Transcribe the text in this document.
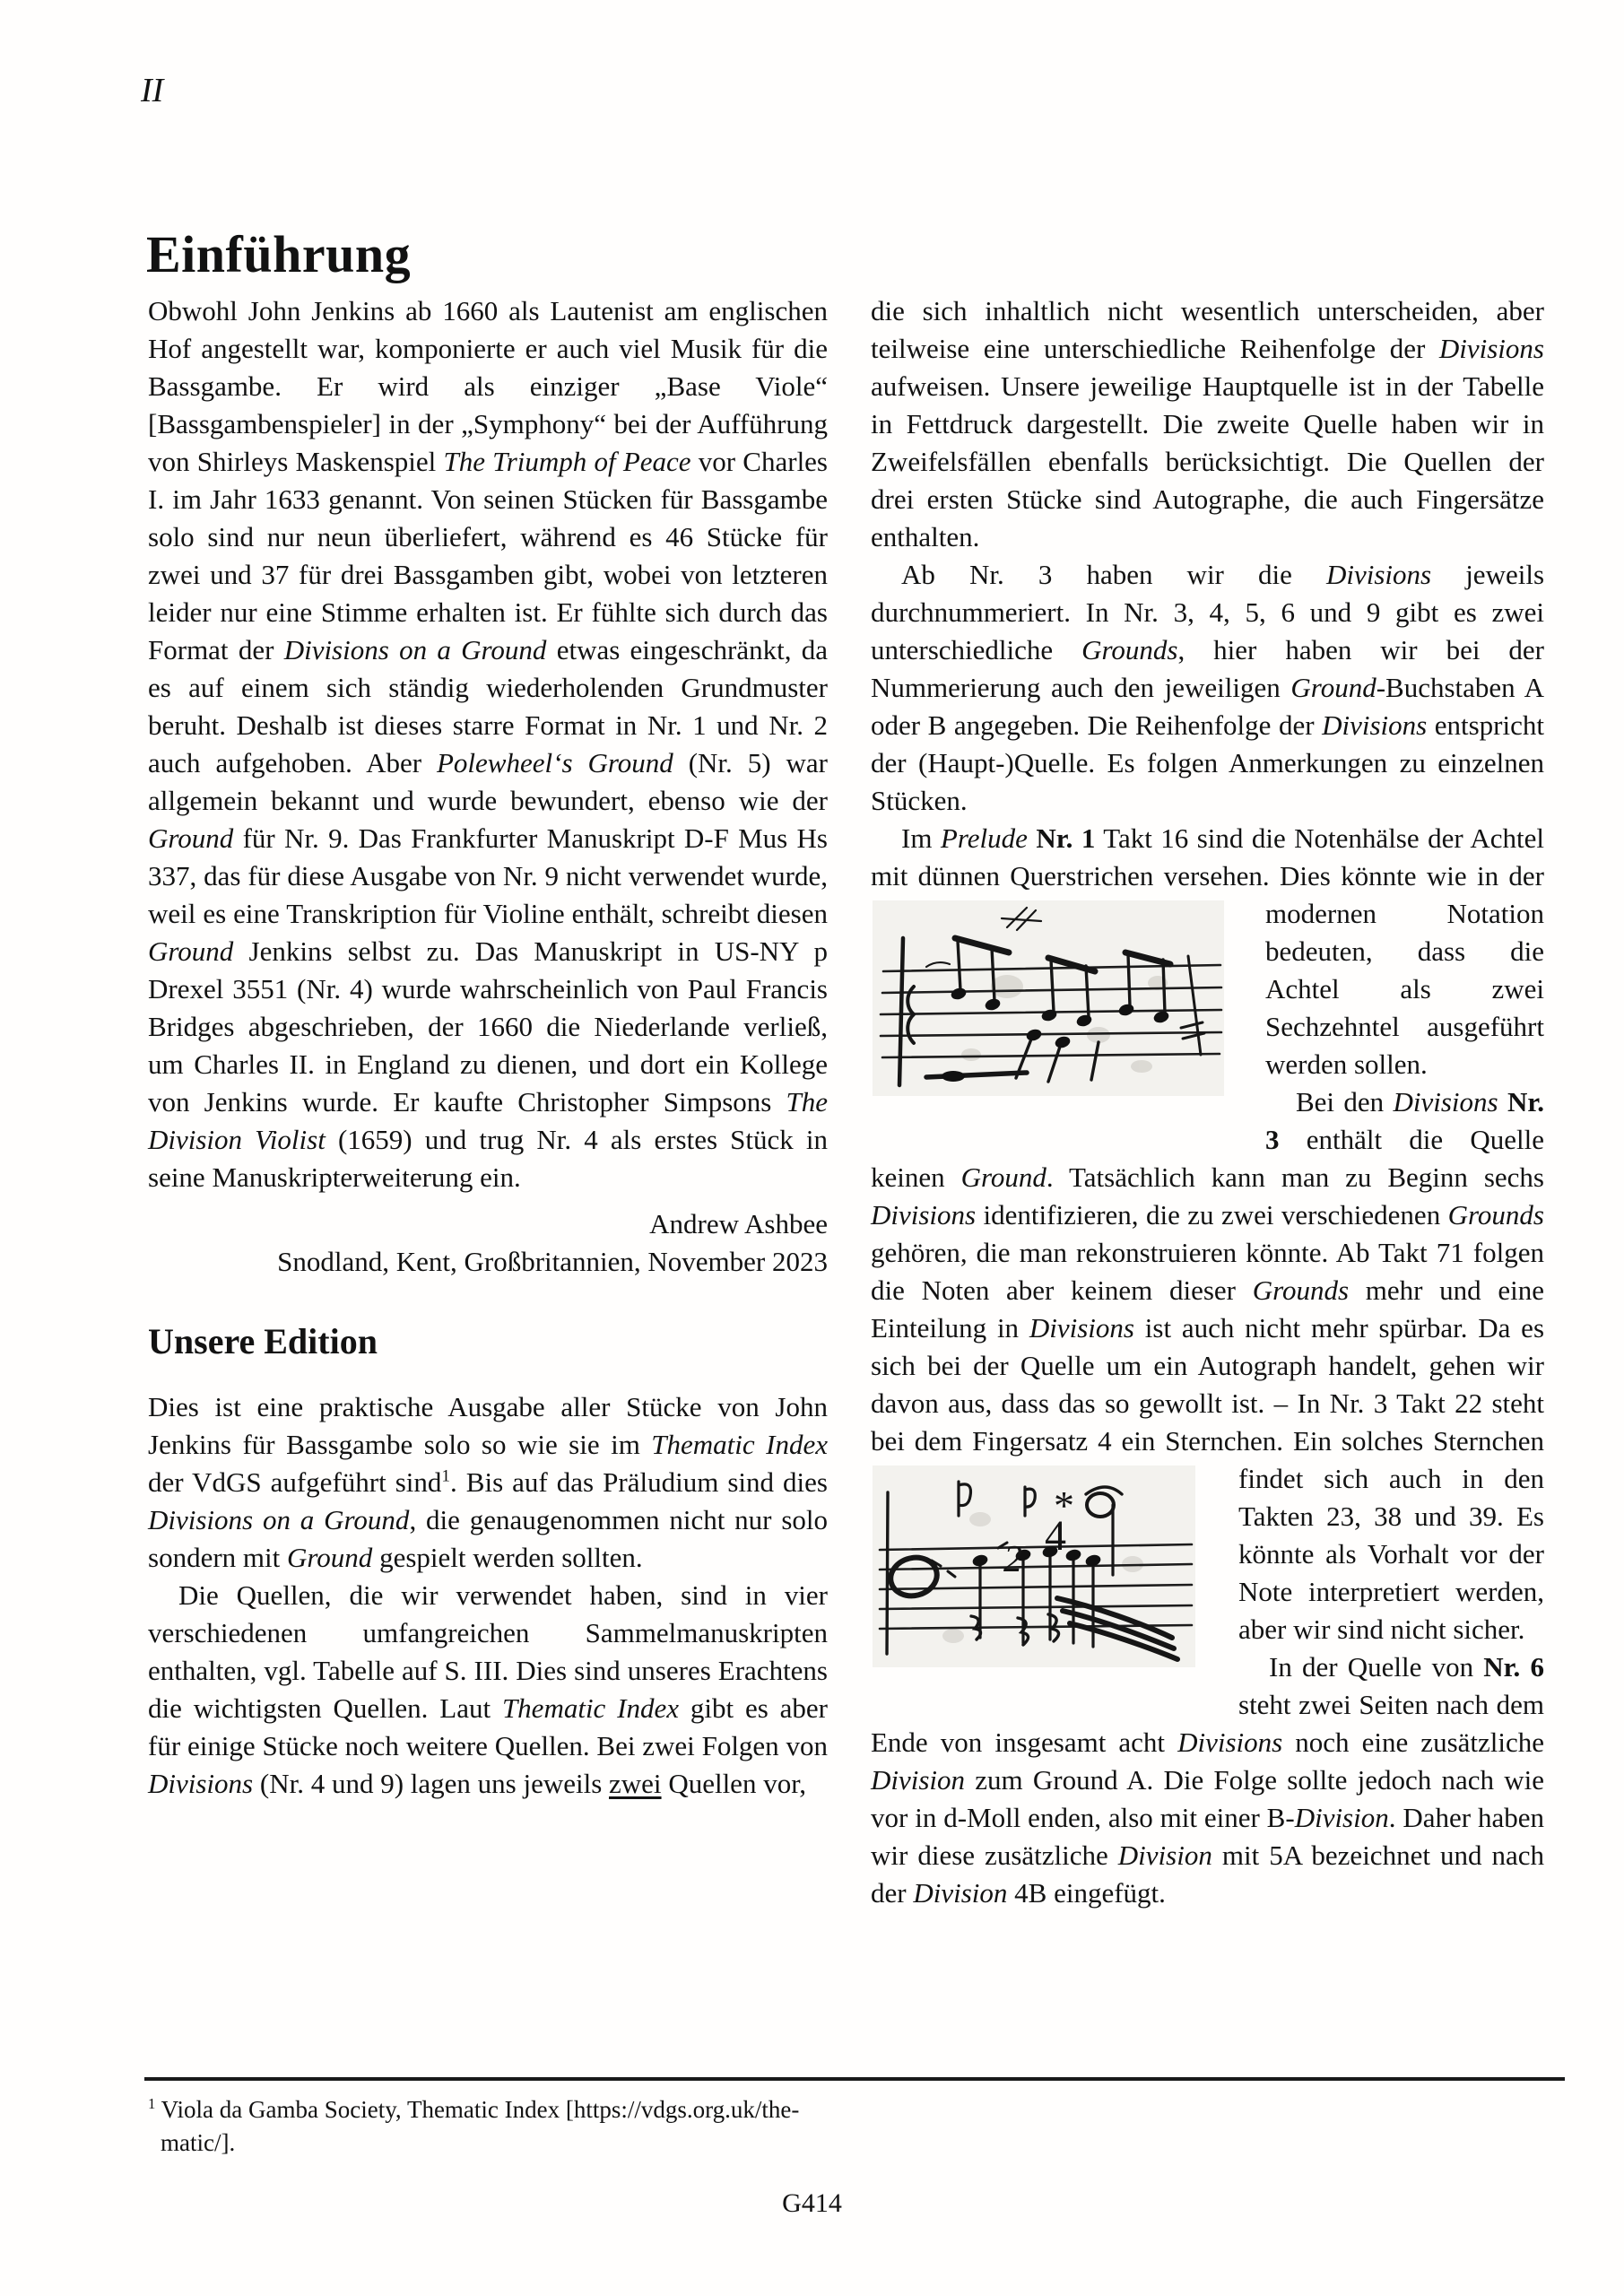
II
Einführung

Obwohl John Jenkins ab 1660 als Lautenist am englischen Hof angestellt war, komponierte er auch viel Musik für die Bassgambe. Er wird als einziger „Base Viole“ [Bassgambenspieler] in der „Symphony“ bei der Aufführung von Shirleys Maskenspiel The Triumph of Peace vor Charles I. im Jahr 1633 genannt. Von seinen Stücken für Bassgambe solo sind nur neun überliefert, während es 46 Stücke für zwei und 37 für drei Bassgamben gibt, wobei von letzteren leider nur eine Stimme erhalten ist. Er fühlte sich durch das Format der Divisions on a Ground etwas eingeschränkt, da es auf einem sich ständig wiederholenden Grundmuster beruht. Deshalb ist dieses starre Format in Nr. 1 und Nr. 2 auch aufgehoben. Aber Polewheel‘s Ground (Nr. 5) war allgemein bekannt und wurde bewundert, ebenso wie der Ground für Nr. 9. Das Frankfurter Manuskript D-F Mus Hs 337, das für diese Ausgabe von Nr. 9 nicht verwendet wurde, weil es eine Transkription für Violine enthält, schreibt diesen Ground Jenkins selbst zu. Das Manuskript in US-NY p Drexel 3551 (Nr. 4) wurde wahrscheinlich von Paul Francis Bridges abgeschrieben, der 1660 die Niederlande verließ, um Charles II. in England zu dienen, und dort ein Kollege von Jenkins wurde. Er kaufte Christopher Simpsons The Division Violist (1659) und trug Nr. 4 als erstes Stück in seine Manuskripterweiterung ein.

Andrew Ashbee
Snodland, Kent, Großbritannien, November 2023
Unsere Edition

Dies ist eine praktische Ausgabe aller Stücke von John Jenkins für Bassgambe solo so wie sie im Thematic Index der VdGS aufgeführt sind$^1$. Bis auf das Präludium sind dies Divisions on a Ground, die genaugenommen nicht nur solo sondern mit Ground gespielt werden sollten.

Die Quellen, die wir verwendet haben, sind in vier verschiedenen umfangreichen Sammelmanuskripten enthalten, vgl. Tabelle auf S. III. Dies sind unseres Erachtens die wichtigsten Quellen. Laut Thematic Index gibt es aber für einige Stücke noch weitere Quellen. Bei zwei Folgen von Divisions (Nr. 4 und 9) lagen uns jeweils zwei Quellen vor,

die sich inhaltlich nicht wesentlich unterscheiden, aber teilweise eine unterschiedliche Reihenfolge der Divisions aufweisen. Unsere jeweilige Hauptquelle ist in der Tabelle in Fettdruck dargestellt. Die zweite Quelle haben wir in Zweifelsfällen ebenfalls berücksichtigt. Die Quellen der drei ersten Stücke sind Autographe, die auch Fingersätze enthalten.

Ab Nr. 3 haben wir die Divisions jeweils durchnummeriert. In Nr. 3, 4, 5, 6 und 9 gibt es zwei unterschiedliche Grounds, hier haben wir bei der Nummerierung auch den jeweiligen Ground-Buchstaben A oder B angegeben. Die Reihenfolge der Divisions entspricht der (Haupt-)Quelle. Es folgen Anmerkungen zu einzelnen Stücken.

Im Prelude Nr. 1 Takt 16 sind die Notenhälse der Achtel mit dünnen Querstrichen versehen. Dies könnte wie in der modernen Notation bedeuten, dass die Achtel als zwei Sechzehntel ausgeführt werden sollen.

Bei den Divisions Nr. 3 enthält die Quelle keinen Ground. Tatsächlich kann man zu Beginn sechs Divisions identifizieren, die zu zwei verschiedenen Grounds gehören, die man rekonstruieren könnte. Ab Takt 71 folgen die Noten aber keinem dieser Grounds mehr und eine Einteilung in Divisions ist auch nicht mehr spürbar. Da es sich bei der Quelle um ein Autograph handelt, gehen wir davon aus, dass das so gewollt ist. – In Nr. 3 Takt 22 steht bei dem Fingersatz 4 ein Sternchen.
2 4
*
Ein solches Sternchen findet sich auch in den Takten 23, 38 und 39. Es könnte als Vorhalt vor der Note interpretiert werden, aber wir sind nicht sicher.

In der Quelle von Nr. 6 steht zwei Seiten nach dem Ende von insgesamt acht Divisions noch eine zusätzliche Division zum Ground A. Die Folge sollte jedoch nach wie vor in d-Moll enden, also mit einer B-Division. Daher haben wir diese zusätzliche Division mit 5A bezeichnet und nach der Division 4B eingefügt.

$^1$ Viola da Gamba Society, Thematic Index [https://vdgs.org.uk/the-matic/].
G414
